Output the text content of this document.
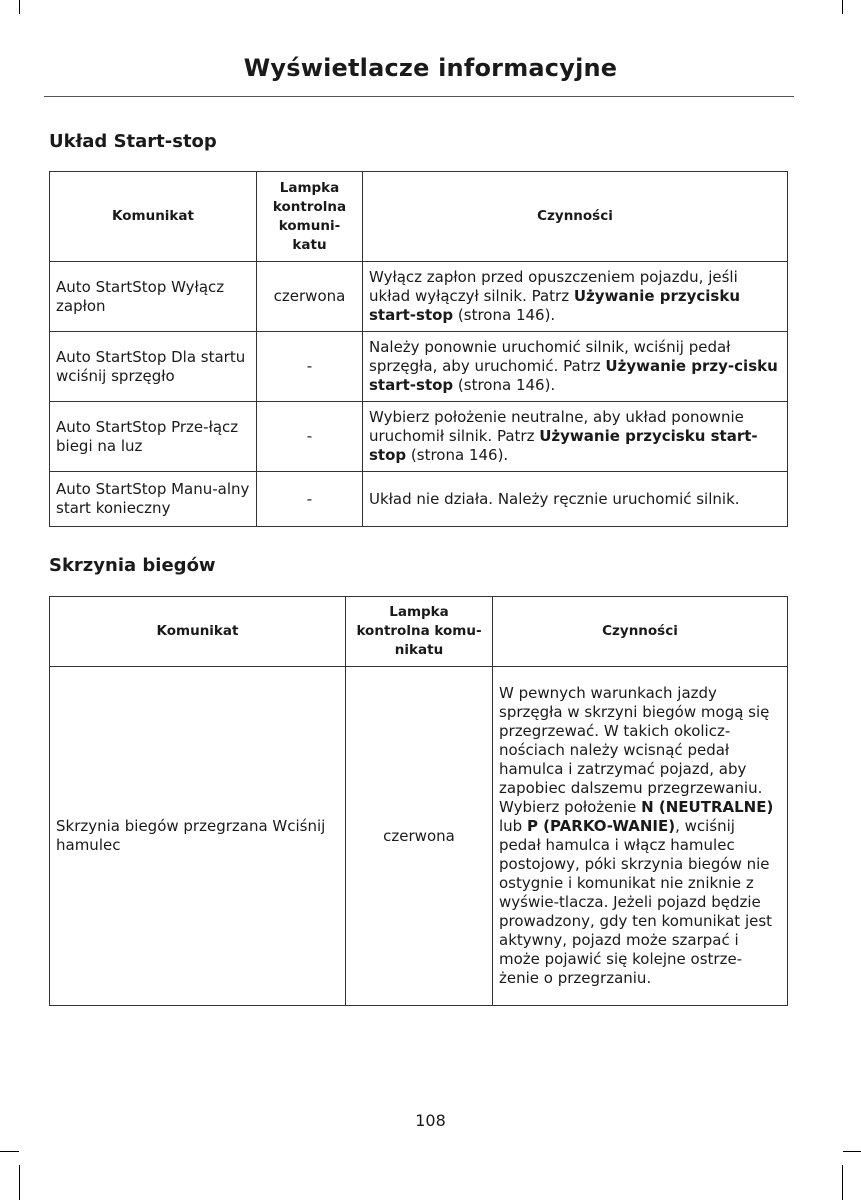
Wyświetlacze informacyjne
Układ Start-stop
Komunikat	Lampka kontrolna komuni-katu	Czynności
Auto StartStop Wyłącz zapłon	czerwona	Wyłącz zapłon przed opuszczeniem pojazdu, jeśli układ wyłączył silnik. Patrz Używanie przycisku start-stop (strona 146).
Auto StartStop Dla startu wciśnij sprzęgło	-	Należy ponownie uruchomić silnik, wciśnij pedał sprzęgła, aby uruchomić. Patrz Używanie przy-cisku start-stop (strona 146).
Auto StartStop Prze-łącz biegi na luz	-	Wybierz położenie neutralne, aby układ ponownie uruchomił silnik. Patrz Używanie przycisku start-stop (strona 146).
Auto StartStop Manu-alny start konieczny	-	Układ nie działa. Należy ręcznie uruchomić silnik.
Skrzynia biegów
Komunikat	Lampka kontrolna komu-nikatu	Czynności
Skrzynia biegów przegrzana Wciśnij hamulec	czerwona	W pewnych warunkach jazdy sprzęgła w skrzyni biegów mogą się przegrzewać. W takich okolicz-nościach należy wcisnąć pedał hamulca i zatrzymać pojazd, aby zapobiec dalszemu przegrzewaniu. Wybierz położenie N (NEUTRALNE) lub P (PARKO-WANIE), wciśnij pedał hamulca i włącz hamulec postojowy, póki skrzynia biegów nie ostygnie i komunikat nie zniknie z wyświe-tlacza. Jeżeli pojazd będzie prowadzony, gdy ten komunikat jest aktywny, pojazd może szarpać i może pojawić się kolejne ostrze-żenie o przegrzaniu.
108
